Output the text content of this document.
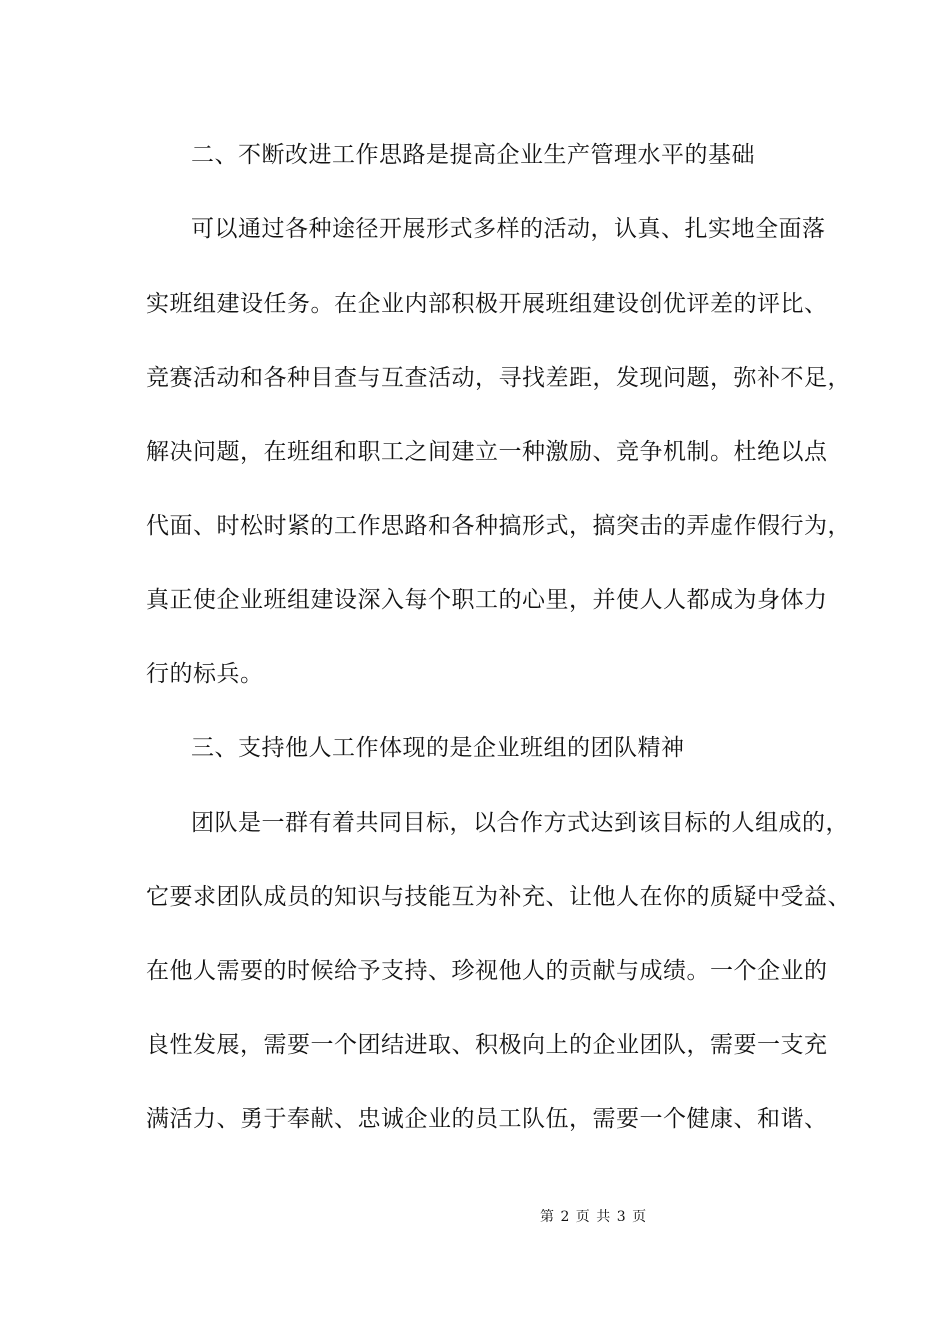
二、不断改进工作思路是提高企业生产管理水平的基础
可以通过各种途径开展形式多样的活动，认真、扎实地全面落
实班组建设任务。在企业内部积极开展班组建设创优评差的评比、
竞赛活动和各种目查与互查活动，寻找差距，发现问题，弥补不足，
解决问题，在班组和职工之间建立一种激励、竞争机制。杜绝以点
代面、时松时紧的工作思路和各种搞形式，搞突击的弄虚作假行为，
真正使企业班组建设深入每个职工的心里，并使人人都成为身体力
行的标兵。
三、支持他人工作体现的是企业班组的团队精神
团队是一群有着共同目标，以合作方式达到该目标的人组成的，
它要求团队成员的知识与技能互为补充、让他人在你的质疑中受益、
在他人需要的时候给予支持、珍视他人的贡献与成绩。一个企业的
良性发展，需要一个团结进取、积极向上的企业团队，需要一支充
满活力、勇于奉献、忠诚企业的员工队伍，需要一个健康、和谐、
第 2 页 共 3 页
